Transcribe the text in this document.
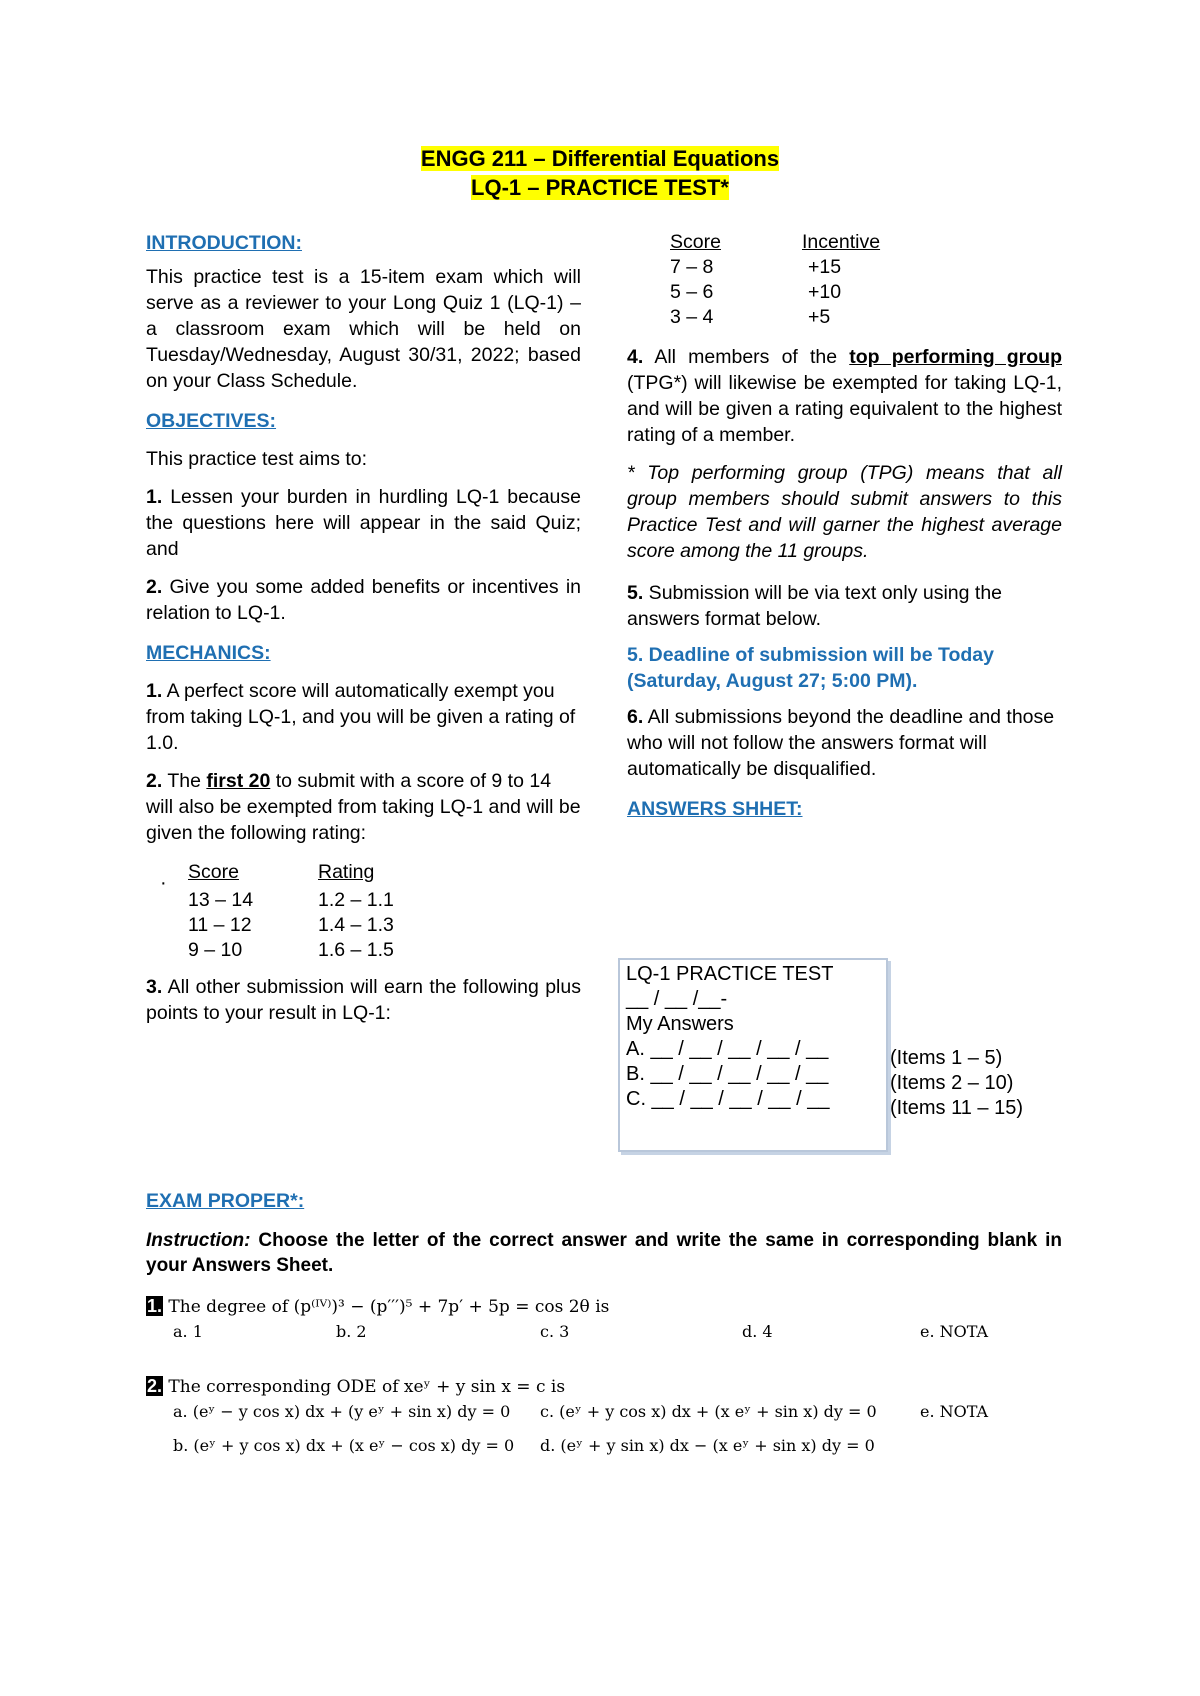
ENGG 211 – Differential Equations
LQ-1 – PRACTICE TEST*
INTRODUCTION:

This practice test is a 15-item exam which will serve as a reviewer to your Long Quiz 1 (LQ-1) – a classroom exam which will be held on Tuesday/Wednesday, August 30/31, 2022; based on your Class Schedule.

OBJECTIVES:

This practice test aims to:

1. Lessen your burden in hurdling LQ-1 because the questions here will appear in the said Quiz; and

2. Give you some added benefits or incentives in relation to LQ-1.

MECHANICS:

1. A perfect score will automatically exempt you from taking LQ-1, and you will be given a rating of 1.0.

2. The first 20 to submit with a score of 9 to 14 will also be exempted from taking LQ-1 and will be given the following rating:

·
Score	Rating
13 – 14	1.2 – 1.1
11 – 12	1.4 – 1.3
9 – 10	1.6 – 1.5

3. All other submission will earn the following plus points to your result in LQ-1:

Score	Incentive
7 – 8	+15
5 – 6	+10
3 – 4	+5

4. All members of the top performing group (TPG*) will likewise be exempted for taking LQ-1, and will be given a rating equivalent to the highest rating of a member.

* Top performing group (TPG) means that all group members should submit answers to this Practice Test and will garner the highest average score among the 11 groups.

5. Submission will be via text only using the answers format below.

5. Deadline of submission will be Today (Saturday, August 27; 5:00 PM).

6. All submissions beyond the deadline and those who will not follow the answers format will automatically be disqualified.

ANSWERS SHHET:
LQ-1 PRACTICE TEST
__ / __ /__-
My Answers
A. __ / __ / __ / __ / __
B. __ / __ / __ / __ / __
C. __ / __ / __ / __ / __
(Items 1 – 5)
(Items 2 – 10)
(Items 11 – 15)
EXAM PROPER*:

Instruction: Choose the letter of the correct answer and write the same in corresponding blank in your Answers Sheet.

1. The degree of (p⁽ᴵⱽ⁾)³ − (p′′′)⁵ + 7p′ + 5p = cos 2θ is
a. 1	b. 2	c. 3	d. 4	e. NOTA
2. The corresponding ODE of xeʸ + y sin x = c is
a. (eʸ − y cos x) dx + (y eʸ + sin x) dy = 0 c. (eʸ + y cos x) dx + (x eʸ + sin x) dy = 0	e. NOTA
b. (eʸ + y cos x) dx + (x eʸ − cos x) dy = 0 d. (eʸ + y sin x) dx − (x eʸ + sin x) dy = 0
